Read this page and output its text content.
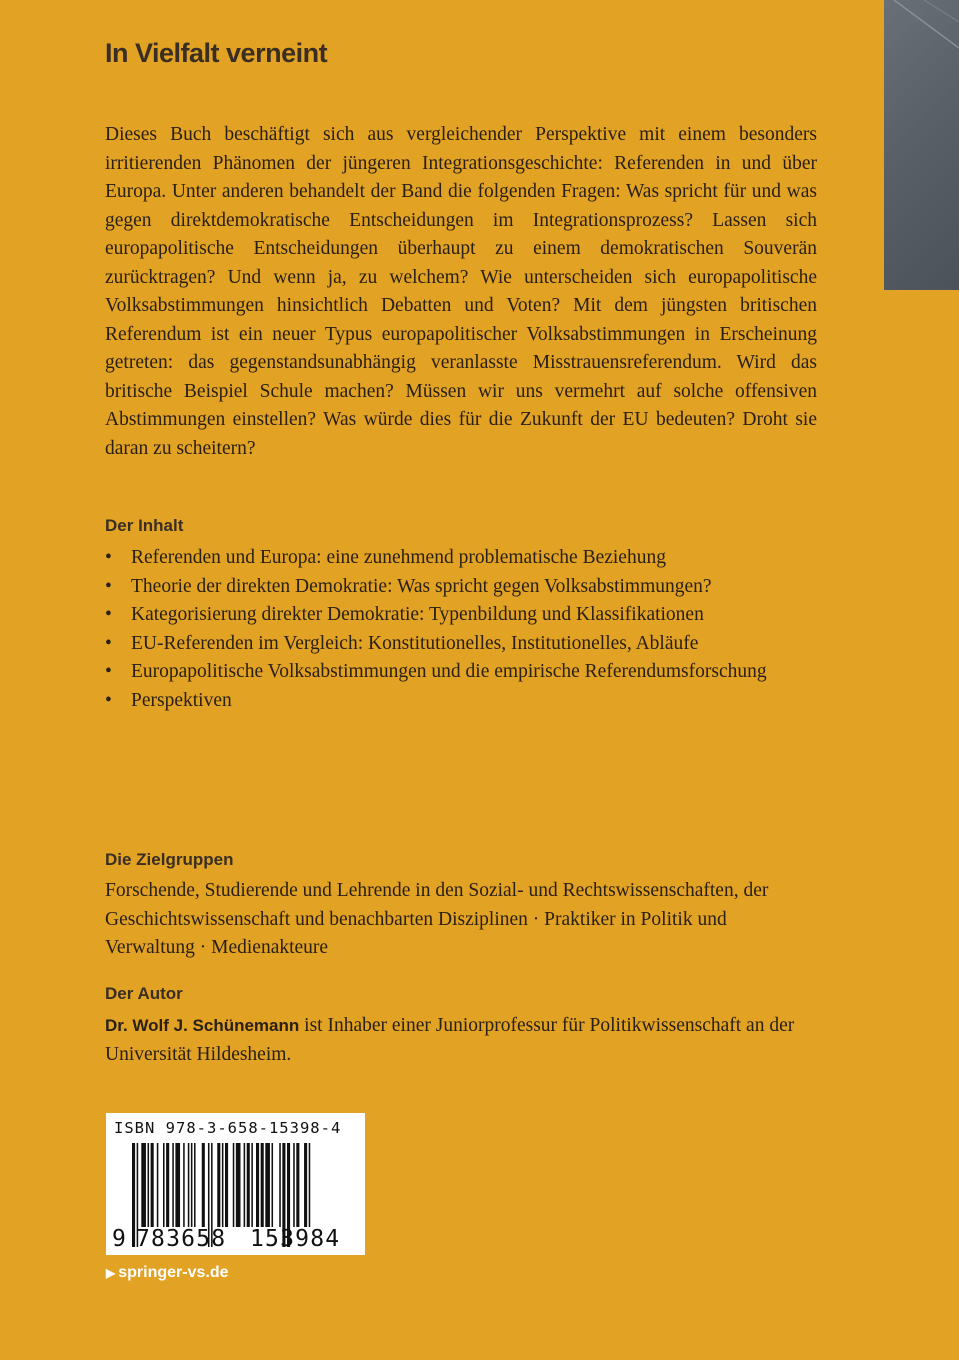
In Vielfalt verneint

Dieses Buch beschäftigt sich aus vergleichender Perspektive mit einem besonders irritierenden Phänomen der jüngeren Integrationsgeschichte: Referenden in und über Europa. Unter anderen behandelt der Band die folgenden Fragen: Was spricht für und was gegen direktdemokratische Entscheidungen im Integrationsprozess? Lassen sich europapolitische Entscheidungen überhaupt zu einem demokratischen Souverän zurücktragen? Und wenn ja, zu welchem? Wie unterscheiden sich europapolitische Volksabstimmungen hinsichtlich Debatten und Voten? Mit dem jüngsten britischen Referendum ist ein neuer Typus europapolitischer Volksabstimmungen in Erscheinung getreten: das gegenstandsunabhängig veranlasste Misstrauensreferendum. Wird das britische Beispiel Schule machen? Müssen wir uns vermehrt auf solche offensiven Abstimmungen einstellen? Was würde dies für die Zukunft der EU bedeuten? Droht sie daran zu scheitern?

Der Inhalt
• Referenden und Europa: eine zunehmend problematische Beziehung
• Theorie der direkten Demokratie: Was spricht gegen Volksabstimmungen?
• Kategorisierung direkter Demokratie: Typenbildung und Klassifikationen
• EU-Referenden im Vergleich: Konstitutionelles, Institutionelles, Abläufe
• Europapolitische Volksabstimmungen und die empirische Referendumsforschung
• Perspektiven
Die Zielgruppen

Forschende, Studierende und Lehrende in den Sozial- und Rechtswissenschaften, der Geschichtswissenschaft und benachbarten Disziplinen · Praktiker in Politik und Verwaltung · Medienakteure

Der Autor

Dr. Wolf J. Schünemann ist Inhaber einer Juniorprofessur für Politikwissenschaft an der Universität Hildesheim.

ISBN 978-3-658-15398-4
9 783658 153984
▶ springer-vs.de
